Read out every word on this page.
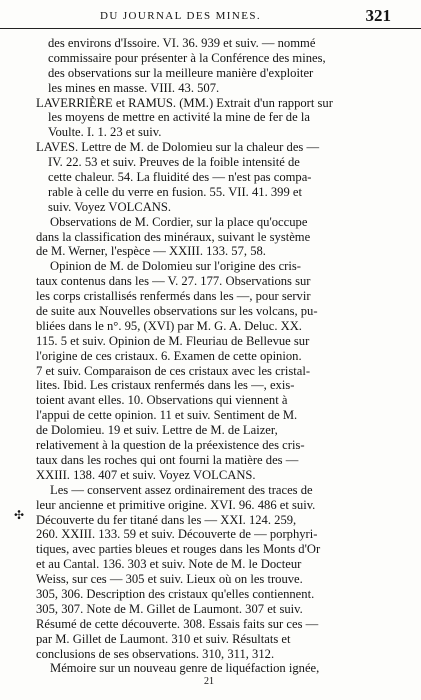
DU JOURNAL DES MINES.	321
des environs d'Issoire. VI. 36. 939 et suiv. — nommé
commissaire pour présenter à la Conférence des mines,
des observations sur la meilleure manière d'exploiter
les mines en masse. VIII. 43. 507.
LAVERRIÈRE et RAMUS. (MM.) Extrait d'un rapport sur
les moyens de mettre en activité la mine de fer de la
Voulte. I. 1. 23 et suiv.
LAVES. Lettre de M. de Dolomieu sur la chaleur des —
IV. 22. 53 et suiv. Preuves de la foible intensité de
cette chaleur. 54. La fluidité des — n'est pas compa-
rable à celle du verre en fusion. 55. VII. 41. 399 et
suiv. Voyez VOLCANS.
Observations de M. Cordier, sur la place qu'occupe
dans la classification des minéraux, suivant le système
de M. Werner, l'espèce — XXIII. 133. 57, 58.
Opinion de M. de Dolomieu sur l'origine des cris-
taux contenus dans les — V. 27. 177. Observations sur
les corps cristallisés renfermés dans les —, pour servir
de suite aux Nouvelles observations sur les volcans, pu-
bliées dans le n°. 95, (XVI) par M. G. A. Deluc. XX.
115. 5 et suiv. Opinion de M. Fleuriau de Bellevue sur
l'origine de ces cristaux. 6. Examen de cette opinion.
7 et suiv. Comparaison de ces cristaux avec les cristal-
lites. Ibid. Les cristaux renfermés dans les —, exis-
toient avant elles. 10. Observations qui viennent à
l'appui de cette opinion. 11 et suiv. Sentiment de M.
de Dolomieu. 19 et suiv. Lettre de M. de Laizer,
relativement à la question de la préexistence des cris-
taux dans les roches qui ont fourni la matière des —
XXIII. 138. 407 et suiv. Voyez VOLCANS.
Les — conservent assez ordinairement des traces de
leur ancienne et primitive origine. XVI. 96. 486 et suiv.
Découverte du fer titané dans les — XXI. 124. 259,
260. XXIII. 133. 59 et suiv. Découverte de — porphyri-
tiques, avec parties bleues et rouges dans les Monts d'Or
et au Cantal. 136. 303 et suiv. Note de M. le Docteur
Weiss, sur ces — 305 et suiv. Lieux où on les trouve.
305, 306. Description des cristaux qu'elles contiennent.
305, 307. Note de M. Gillet de Laumont. 307 et suiv.
Résumé de cette découverte. 308. Essais faits sur ces —
par M. Gillet de Laumont. 310 et suiv. Résultats et
conclusions de ses observations. 310, 311, 312.
Mémoire sur un nouveau genre de liquéfaction ignée,
✣
21
